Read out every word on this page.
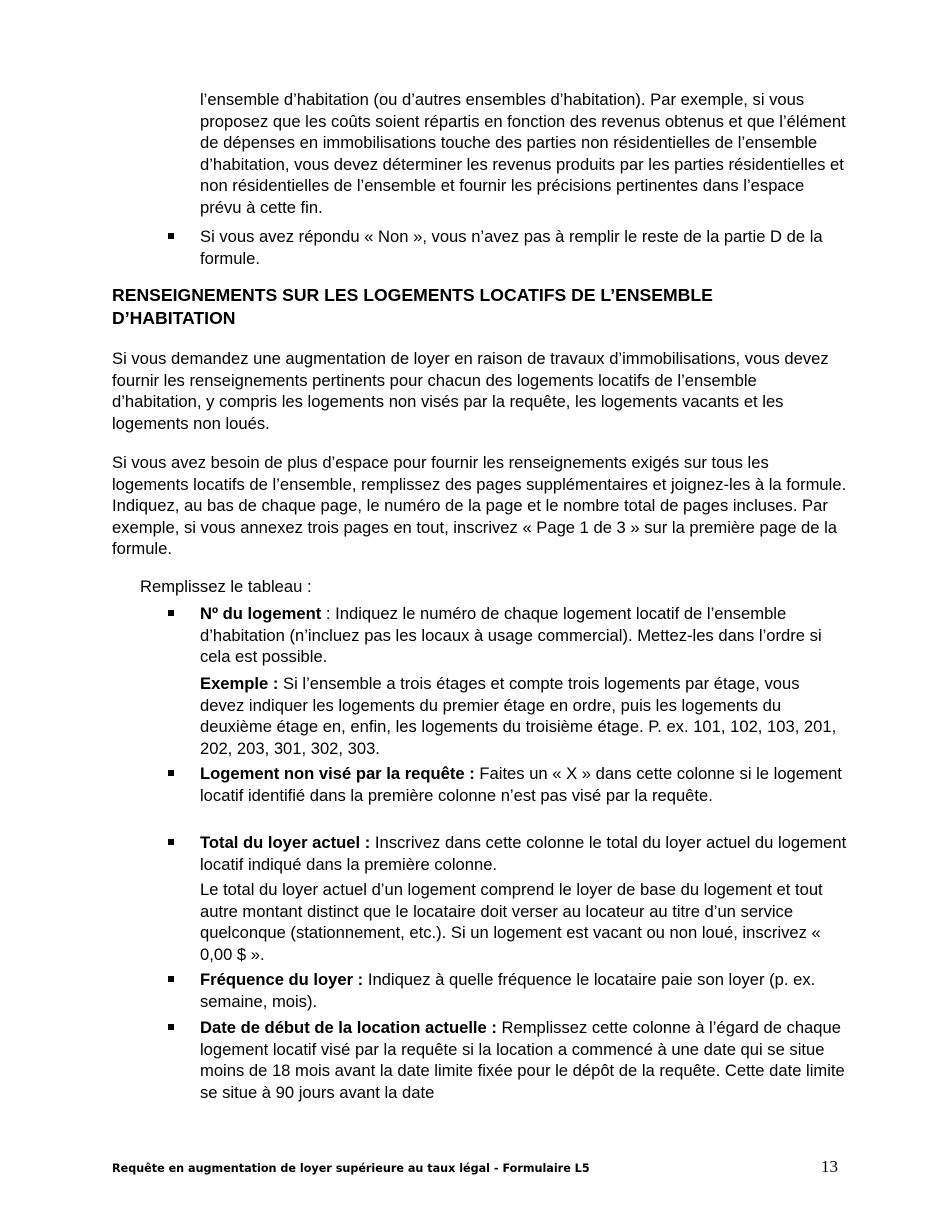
l’ensemble d’habitation (ou d’autres ensembles d’habitation). Par exemple, si vous proposez que les coûts soient répartis en fonction des revenus obtenus et que l’élément de dépenses en immobilisations touche des parties non résidentielles de l’ensemble d’habitation, vous devez déterminer les revenus produits par les parties résidentielles et non résidentielles de l’ensemble et fournir les précisions pertinentes dans l’espace prévu à cette fin.

Si vous avez répondu « Non », vous n’avez pas à remplir le reste de la partie D de la formule.

RENSEIGNEMENTS SUR LES LOGEMENTS LOCATIFS DE L’ENSEMBLE D’HABITATION

Si vous demandez une augmentation de loyer en raison de travaux d’immobilisations, vous devez fournir les renseignements pertinents pour chacun des logements locatifs de l’ensemble d’habitation, y compris les logements non visés par la requête, les logements vacants et les logements non loués.

Si vous avez besoin de plus d’espace pour fournir les renseignements exigés sur tous les logements locatifs de l’ensemble, remplissez des pages supplémentaires et joignez-les à la formule. Indiquez, au bas de chaque page, le numéro de la page et le nombre total de pages incluses. Par exemple, si vous annexez trois pages en tout, inscrivez « Page 1 de 3 » sur la première page de la formule.

Remplissez le tableau :

Nº du logement : Indiquez le numéro de chaque logement locatif de l’ensemble d’habitation (n’incluez pas les locaux à usage commercial). Mettez-les dans l’ordre si cela est possible.

Exemple : Si l’ensemble a trois étages et compte trois logements par étage, vous devez indiquer les logements du premier étage en ordre, puis les logements du deuxième étage en, enfin, les logements du troisième étage. P. ex. 101, 102, 103, 201, 202, 203, 301, 302, 303.

Logement non visé par la requête : Faites un « X » dans cette colonne si le logement locatif identifié dans la première colonne n’est pas visé par la requête.

Total du loyer actuel : Inscrivez dans cette colonne le total du loyer actuel du logement locatif indiqué dans la première colonne.

Le total du loyer actuel d’un logement comprend le loyer de base du logement et tout autre montant distinct que le locataire doit verser au locateur au titre d’un service quelconque (stationnement, etc.). Si un logement est vacant ou non loué, inscrivez « 0,00 $ ».

Fréquence du loyer : Indiquez à quelle fréquence le locataire paie son loyer (p. ex. semaine, mois).

Date de début de la location actuelle : Remplissez cette colonne à l’égard de chaque logement locatif visé par la requête si la location a commencé à une date qui se situe moins de 18 mois avant la date limite fixée pour le dépôt de la requête. Cette date limite se situe à 90 jours avant la date

Requête en augmentation de loyer supérieure au taux légal - Formulaire L5	13
